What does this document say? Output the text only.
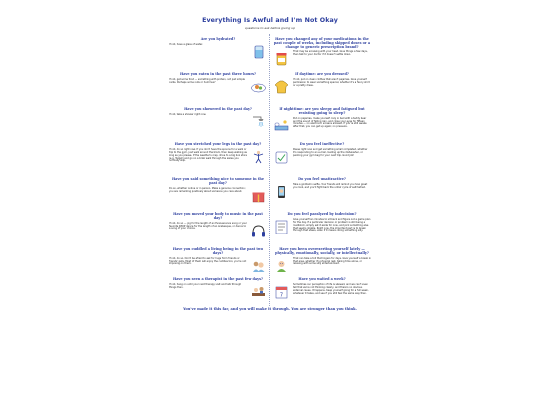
Everything Is Awful and I'm Not Okay
questions to ask before giving up
Are you hydrated?
If not, have a glass of water.
Have you changed any of your medications in the past couple of weeks, including skipped doses or a change to generic prescription brand?
That may be screwing with your head. Give things a few days, then talk to your doctor if it doesn't settle down.
Have you eaten in the past three hours?
If not, get some food — something with protein, not just simple carbs. Perhaps some nuts or hummus?
If daytime: are you dressed?
If not, put on clean clothes that aren't pajamas. Give yourself permission to wear something special, whether it's a fancy shirt or a pretty dress.
Have you showered in the past day?
If not, take a shower right now.
If nighttime: are you sleepy and fatigued but resisting going to sleep?
Put on pajamas, make yourself cozy in bed with a teddy bear and the sound of falling rain, and close your eyes for fifteen minutes — no electronic screens allowed. If you're still awake after that, you can get up again; no pressure.
Have you stretched your legs in the past day?
If not, do so right now. If you don't have the spoons for a walk or trip to the gym, just walk around the block, then keep walking as long as you please. If the weather's crap, drive to a big box store (e.g. Target) and go on a brisk walk through the aisles you normally skip.
Do you feel ineffective?
Pause right now and get something small completed, whether it's responding to an e-mail, loading up the dishwasher, or packing your gym bag for your next trip. Good job!
Have you said something nice to someone in the past day?
Do so, whether online or in person. Make a genuine connection; you are remarking positively about someone you care about.
Do you feel unattractive?
Take a goddamn selfie. Your friends will remind you how great you look, and you'll fight back the unfair cycle of self-hatred.
Have you moved your body to music in the past day?
If not, do so — jog for the length of an Evanescence song or your favorite KPOP dance for the length of an Arabesque, or dance to a song of your choice.
Do you feel paralyzed by indecision?
Give yourself ten minutes to sit back and figure out a game plan for the day. If a particular decision or problem is still being a roadblock, simply set it aside for now, and pick something else that seems doable. Right now, the important part is to break through that stasis, even if it means doing something silly.
Have you cuddled a living being in the past two days?
If not, do so. Don't be afraid to ask for hugs from friends or friends' pets. Most of them will enjoy the cuddles too; you're not imposing on them.
Have you been overexerting yourself lately — physically, emotionally, socially, or intellectually?
That can take a toll that lingers for days. Give yourself a break in that area, whether it's physical rest, taking time alone, or relaxing with some silly entertainment.
Have you seen a therapist in the past few days?
If not, hang on until your next therapy visit and talk through things then.
Have you waited a week?
7
Sometimes our perception of life is skewed, and we can't even tell that we're not thinking clearly, and there's no obvious external cause. It happens. Keep yourself going for a full week, whatever it takes, and see if you still feel the same way then.
You've made it this far, and you will make it through. You are stronger than you think.
